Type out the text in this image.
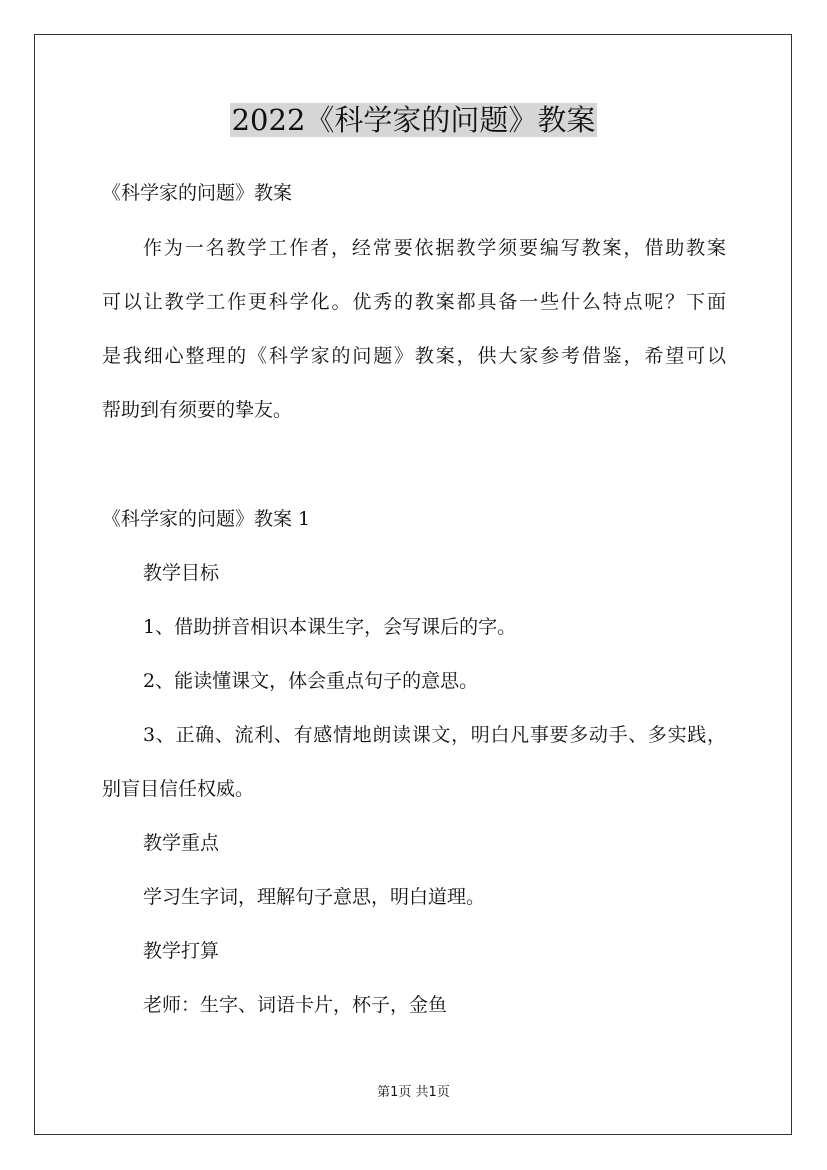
2022《科学家的问题》教案
《科学家的问题》教案
作为一名教学工作者，经常要依据教学须要编写教案，借助教案
可以让教学工作更科学化。优秀的教案都具备一些什么特点呢？下面
是我细心整理的《科学家的问题》教案，供大家参考借鉴，希望可以
帮助到有须要的挚友。
《科学家的问题》教案 1
教学目标
1、借助拼音相识本课生字，会写课后的字。
2、能读懂课文，体会重点句子的意思。
3、正确、流利、有感情地朗读课文，明白凡事要多动手、多实践，
别盲目信任权威。
教学重点
学习生字词，理解句子意思，明白道理。
教学打算
老师：生字、词语卡片，杯子，金鱼
第1页 共1页
